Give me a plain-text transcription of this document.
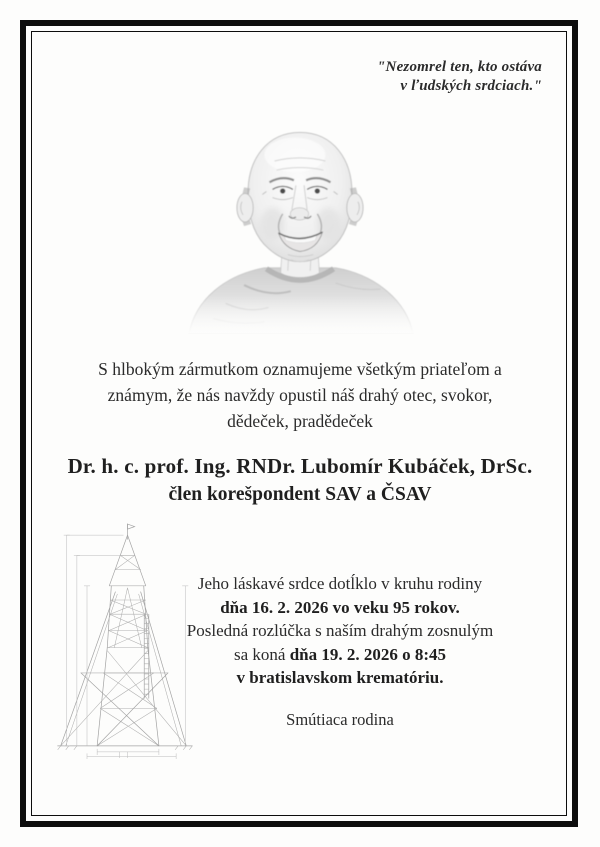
"Nezomrel ten, kto ostáva
v ľudských srdciach."
S hlbokým zármutkom oznamujeme všetkým priateľom a
známym, že nás navždy opustil náš drahý otec, svokor,
dědeček, pradědeček
Dr. h. c. prof. Ing. RNDr. Lubomír Kubáček, DrSc.
člen korešpondent SAV a ČSAV
Jeho láskavé srdce dotĺklo v kruhu rodiny
dňa 16. 2. 2026 vo veku 95 rokov.
Posledná rozlúčka s naším drahým zosnulým
sa koná dňa 19. 2. 2026 o 8:45
v bratislavskom krematóriu.
Smútiaca rodina
